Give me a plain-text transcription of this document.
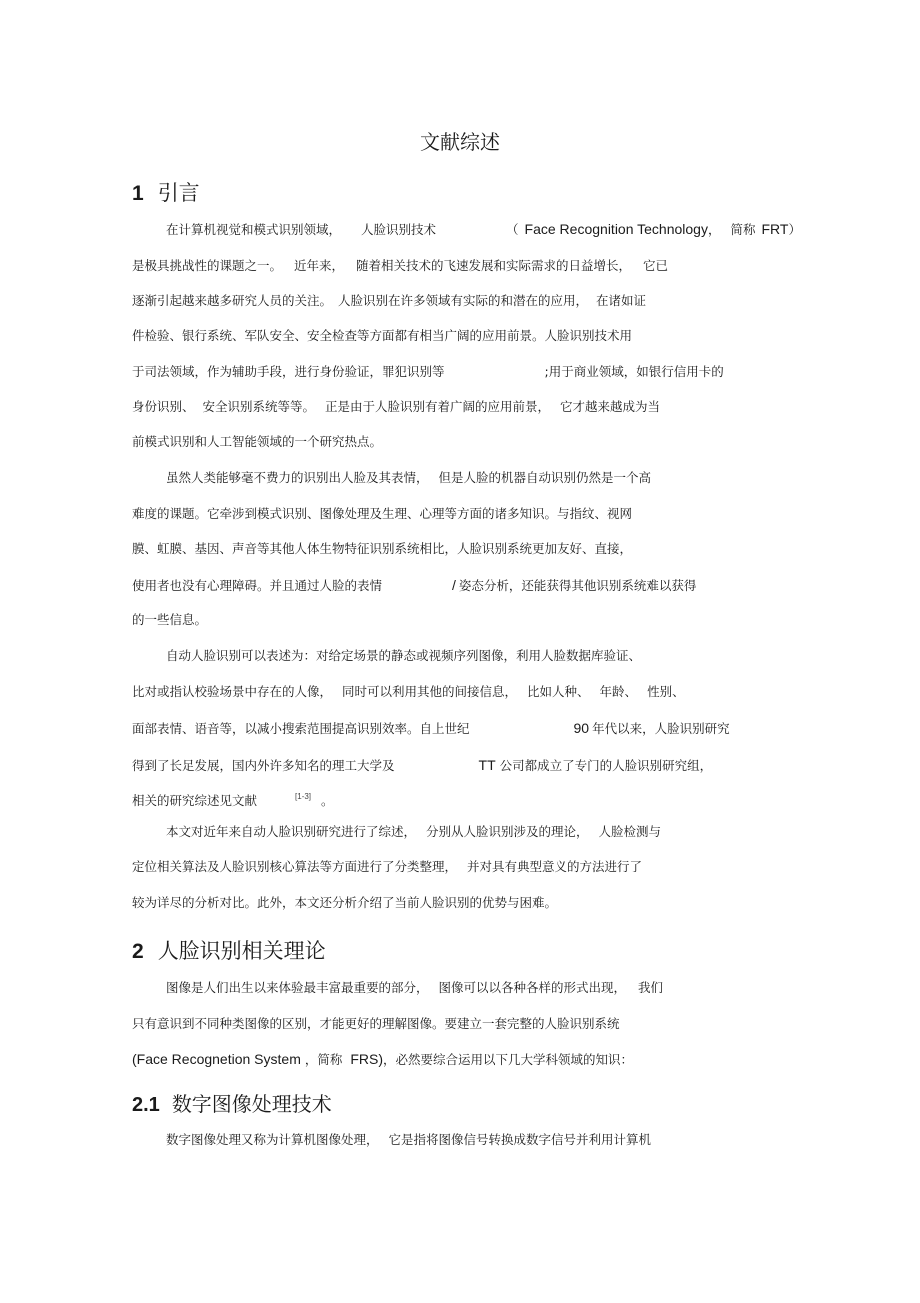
文献综述
1 引言
在计算机视觉和模式识别领域， 人脸识别技术	（ Face Recognition Technology， 简称 FRT）
是极具挑战性的课题之一。 近年来， 随着相关技术的飞速发展和实际需求的日益增长， 它已
逐渐引起越来越多研究人员的关注。 人脸识别在许多领域有实际的和潜在的应用， 在诸如证
件检验、银行系统、军队安全、安全检查等方面都有相当广阔的应用前景。人脸识别技术用
于司法领域，作为辅助手段，进行身份验证，罪犯识别等	;用于商业领域，如银行信用卡的
身份识别、 安全识别系统等等。 正是由于人脸识别有着广阔的应用前景， 它才越来越成为当
前模式识别和人工智能领域的一个研究热点。
虽然人类能够毫不费力的识别出人脸及其表情， 但是人脸的机器自动识别仍然是一个高
难度的课题。它牵涉到模式识别、图像处理及生理、心理等方面的诸多知识。与指纹、视网
膜、虹膜、基因、声音等其他人体生物特征识别系统相比，人脸识别系统更加友好、直接，
使用者也没有心理障碍。并且通过人脸的表情	/ 姿态分析，还能获得其他识别系统难以获得
的一些信息。
自动人脸识别可以表述为：对给定场景的静态或视频序列图像，利用人脸数据库验证、
比对或指认校验场景中存在的人像， 同时可以利用其他的间接信息， 比如人种、 年龄、 性别、
面部表情、语音等，以减小搜索范围提高识别效率。自上世纪	90 年代以来，人脸识别研究
得到了长足发展，国内外许多知名的理工大学及	TT 公司都成立了专门的人脸识别研究组，
相关的研究综述见文献	[1-3] 。
本文对近年来自动人脸识别研究进行了综述， 分别从人脸识别涉及的理论， 人脸检测与
定位相关算法及人脸识别核心算法等方面进行了分类整理， 并对具有典型意义的方法进行了
较为详尽的分析对比。此外，本文还分析介绍了当前人脸识别的优势与困难。
2 人脸识别相关理论
图像是人们出生以来体验最丰富最重要的部分， 图像可以以各种各样的形式出现， 我们
只有意识到不同种类图像的区别，才能更好的理解图像。要建立一套完整的人脸识别系统
(Face Recognetion System ，简称 FRS)，必然要综合运用以下几大学科领域的知识：
2.1 数字图像处理技术
数字图像处理又称为计算机图像处理， 它是指将图像信号转换成数字信号并利用计算机
